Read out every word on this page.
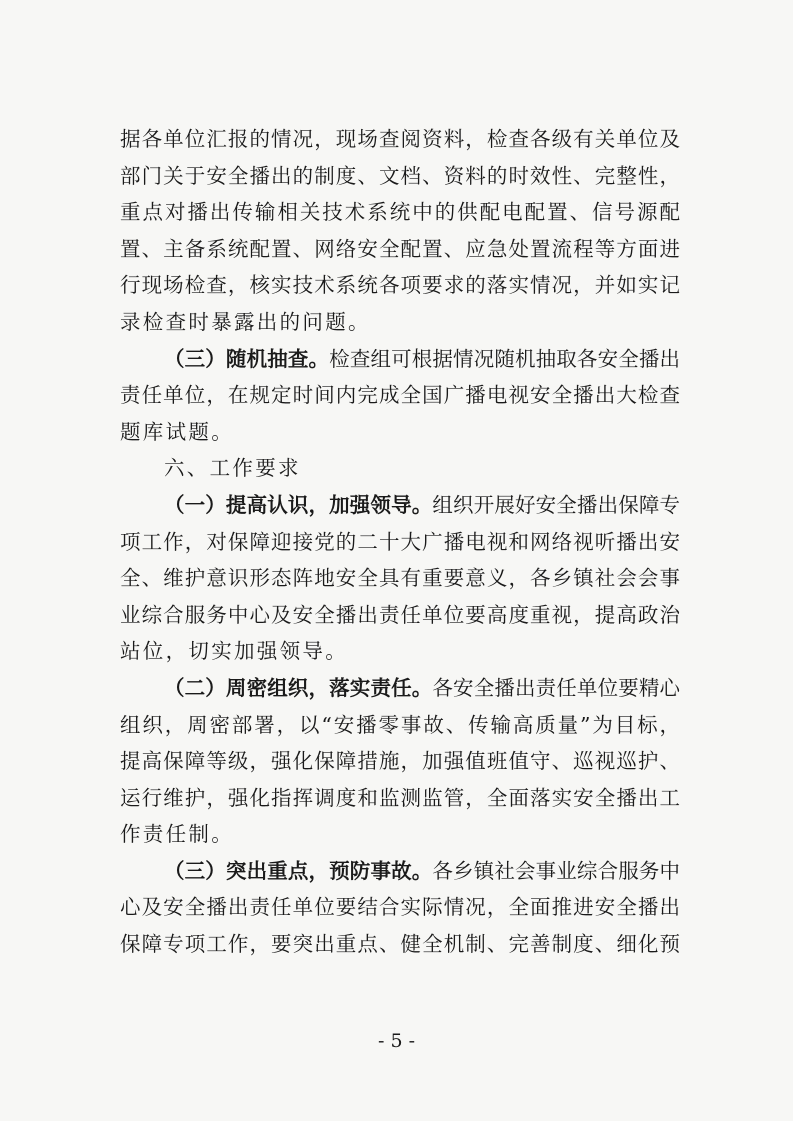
据各单位汇报的情况，现场查阅资料，检查各级有关单位及
部门关于安全播出的制度、文档、资料的时效性、完整性，
重点对播出传输相关技术系统中的供配电配置、信号源配
置、主备系统配置、网络安全配置、应急处置流程等方面进
行现场检查，核实技术系统各项要求的落实情况，并如实记
录检查时暴露出的问题。
（三）随机抽查。检查组可根据情况随机抽取各安全播出
责任单位，在规定时间内完成全国广播电视安全播出大检查
题库试题。
六、工作要求
（一）提高认识，加强领导。组织开展好安全播出保障专
项工作，对保障迎接党的二十大广播电视和网络视听播出安
全、维护意识形态阵地安全具有重要意义，各乡镇社会会事
业综合服务中心及安全播出责任单位要高度重视，提高政治
站位，切实加强领导。
（二）周密组织，落实责任。各安全播出责任单位要精心
组织，周密部署，以“安播零事故、传输高质量”为目标，
提高保障等级，强化保障措施，加强值班值守、巡视巡护、
运行维护，强化指挥调度和监测监管，全面落实安全播出工
作责任制。
（三）突出重点，预防事故。各乡镇社会事业综合服务中
心及安全播出责任单位要结合实际情况，全面推进安全播出
保障专项工作，要突出重点、健全机制、完善制度、细化预
- 5 -
